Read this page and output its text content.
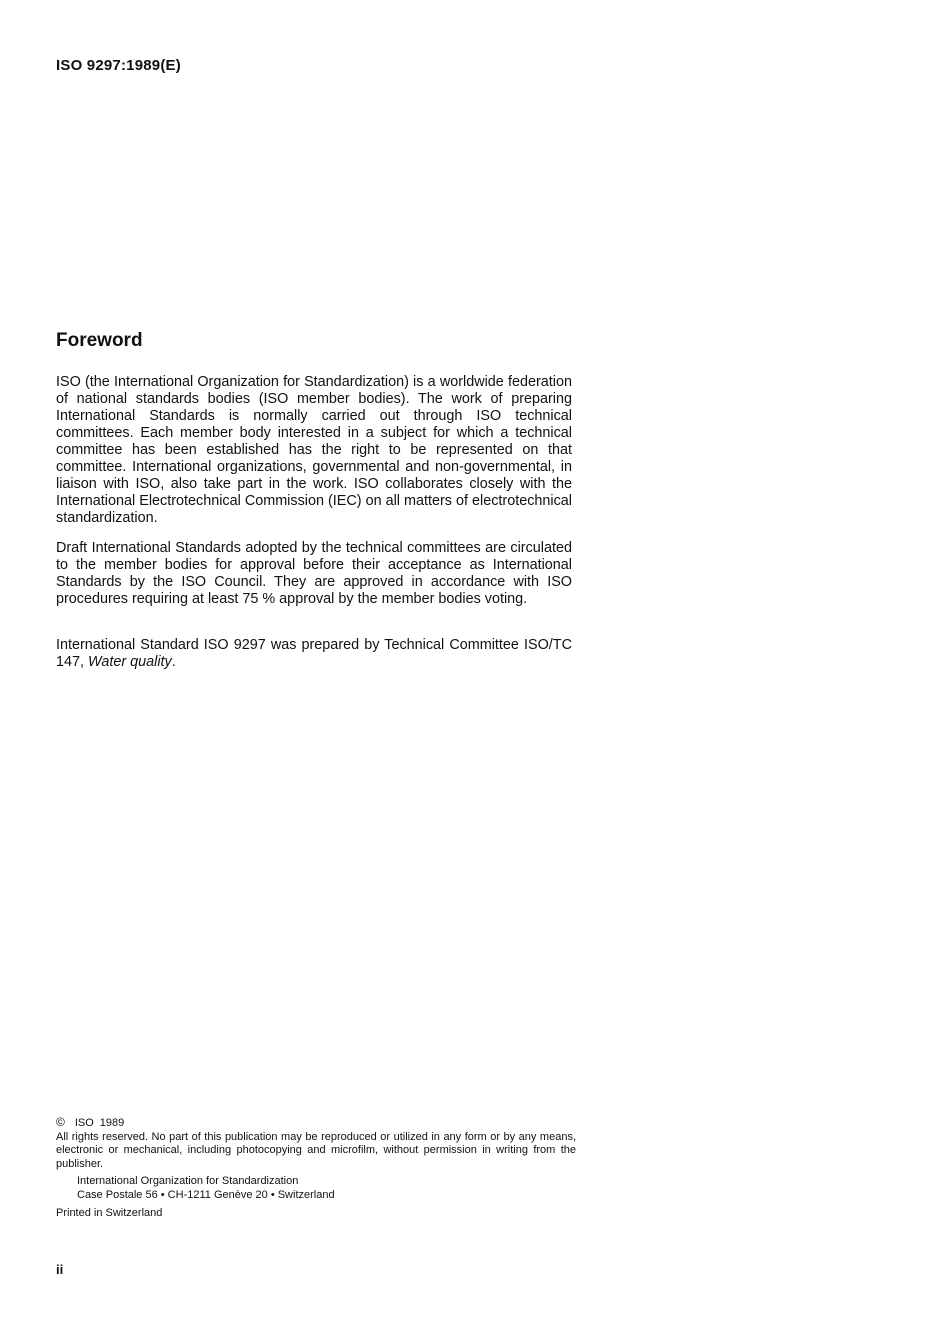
ISO 9297:1989(E)
Foreword

ISO (the International Organization for Standardization) is a worldwide federation of national standards bodies (ISO member bodies). The work of preparing International Standards is normally carried out through ISO technical committees. Each member body interested in a subject for which a technical committee has been established has the right to be represented on that committee. International organizations, governmental and non-governmental, in liaison with ISO, also take part in the work. ISO collaborates closely with the International Electrotechnical Commission (IEC) on all matters of electrotechnical standardization.

Draft International Standards adopted by the technical committees are circulated to the member bodies for approval before their acceptance as International Standards by the ISO Council. They are approved in accordance with ISO procedures requiring at least 75 % approval by the member bodies voting.

International Standard ISO 9297 was prepared by Technical Committee ISO/TC 147, Water quality.

© ISO 1989

All rights reserved. No part of this publication may be reproduced or utilized in any form or by any means, electronic or mechanical, including photocopying and microfilm, without permission in writing from the publisher.

International Organization for Standardization
Case Postale 56 • CH-1211 Genève 20 • Switzerland
Printed in Switzerland
ii
